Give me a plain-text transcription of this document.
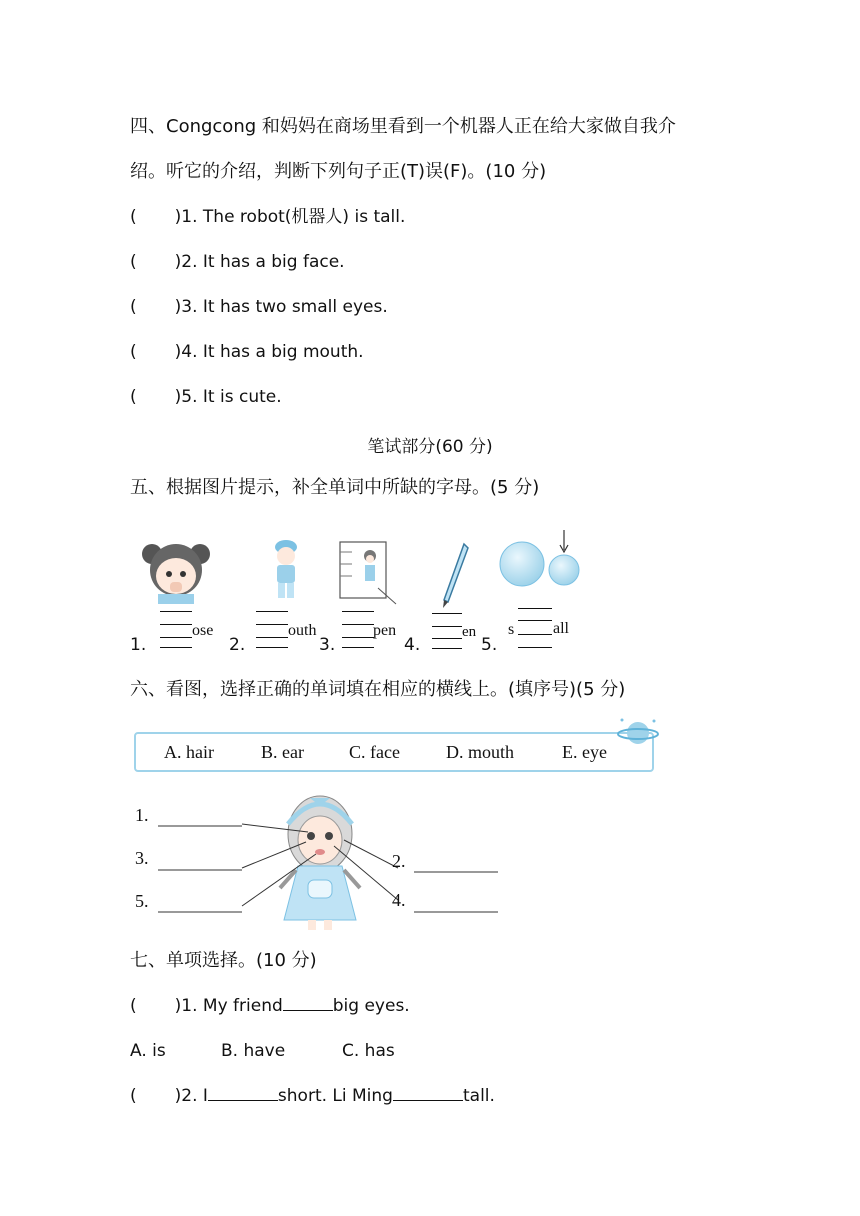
四、Congcong 和妈妈在商场里看到一个机器人正在给大家做自我介
绍。听它的介绍，判断下列句子正(T)误(F)。(10 分)
( )1. The robot(机器人) is tall.
( )2. It has a big face.
( )3. It has two small eyes.
( )4. It has a big mouth.
( )5. It is cute.
笔试部分(60 分)
五、根据图片提示，补全单词中所缺的字母。(5 分)
ose	outh	pen	en s all
1.	2.	3.	4.	5.
六、看图，选择正确的单词填在相应的横线上。(填序号)(5 分)
A. hair	B. ear	C. face	D. mouth	E. eye
1.
3.
5.
2.
4.
七、单项选择。(10 分)
( )1. My friend	big eyes.
A. is	B. have	C. has
( )2. I	short. Li Ming	tall.
